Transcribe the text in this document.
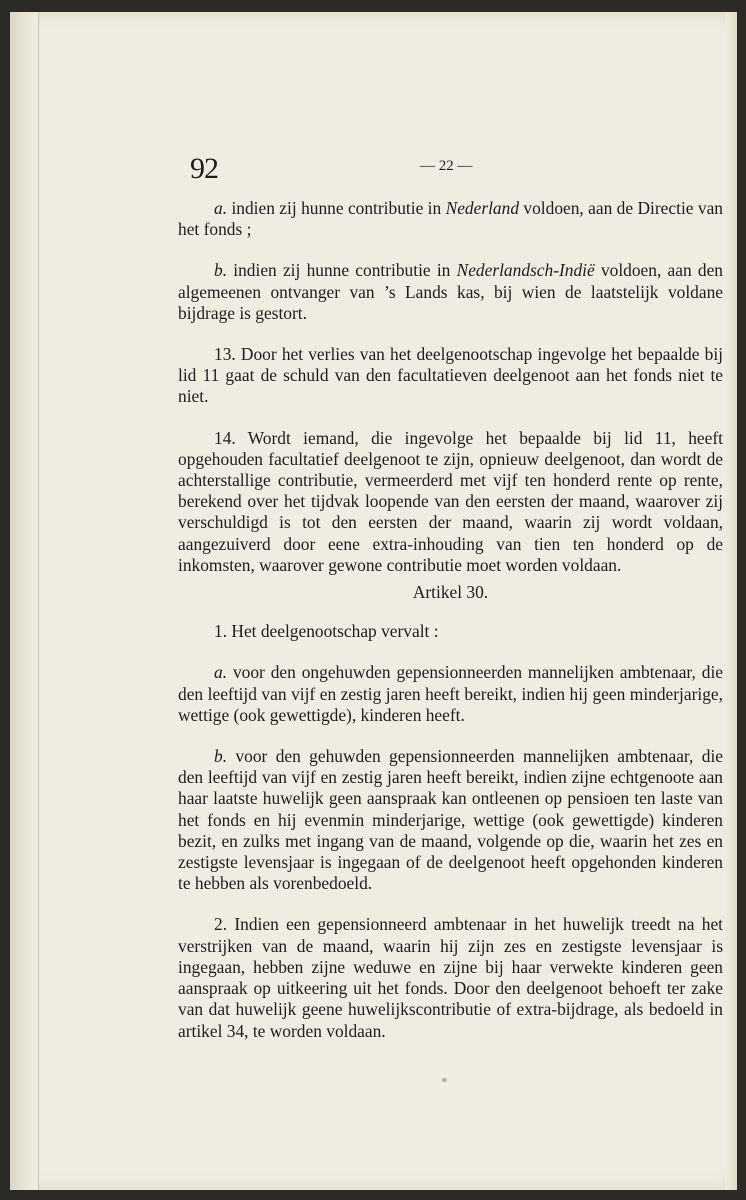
92	— 22 —

a. indien zij hunne contributie in Nederland voldoen, aan de Directie van het fonds ;

b. indien zij hunne contributie in Nederlandsch-Indië voldoen, aan den algemeenen ontvanger van ’s Lands kas, bij wien de laatstelijk voldane bijdrage is gestort.

13. Door het verlies van het deelgenootschap ingevolge het bepaalde bij lid 11 gaat de schuld van den facultatieven deelgenoot aan het fonds niet te niet.

14. Wordt iemand, die ingevolge het bepaalde bij lid 11, heeft opgehouden facultatief deelgenoot te zijn, opnieuw deelgenoot, dan wordt de achterstallige contributie, vermeerderd met vijf ten honderd rente op rente, berekend over het tijdvak loopende van den eersten der maand, waarover zij verschuldigd is tot den eersten der maand, waarin zij wordt voldaan, aangezuiverd door eene extra-inhouding van tien ten honderd op de inkomsten, waarover gewone contributie moet worden voldaan.

Artikel 30.

1. Het deelgenootschap vervalt :

a. voor den ongehuwden gepensionneerden mannelijken ambtenaar, die den leeftijd van vijf en zestig jaren heeft bereikt, indien hij geen minderjarige, wettige (ook gewettigde), kinderen heeft.

b. voor den gehuwden gepensionneerden mannelijken ambtenaar, die den leeftijd van vijf en zestig jaren heeft bereikt, indien zijne echtgenoote aan haar laatste huwelijk geen aanspraak kan ontleenen op pensioen ten laste van het fonds en hij evenmin minderjarige, wettige (ook gewettigde) kinderen bezit, en zulks met ingang van de maand, volgende op die, waarin het zes en zestigste levensjaar is ingegaan of de deelgenoot heeft opgehonden kinderen te hebben als vorenbedoeld.

2. Indien een gepensionneerd ambtenaar in het huwelijk treedt na het verstrijken van de maand, waarin hij zijn zes en zestigste levensjaar is ingegaan, hebben zijne weduwe en zijne bij haar verwekte kinderen geen aanspraak op uitkeering uit het fonds. Door den deelgenoot behoeft ter zake van dat huwelijk geene huwelijkscontributie of extra-bijdrage, als bedoeld in artikel 34, te worden voldaan.
